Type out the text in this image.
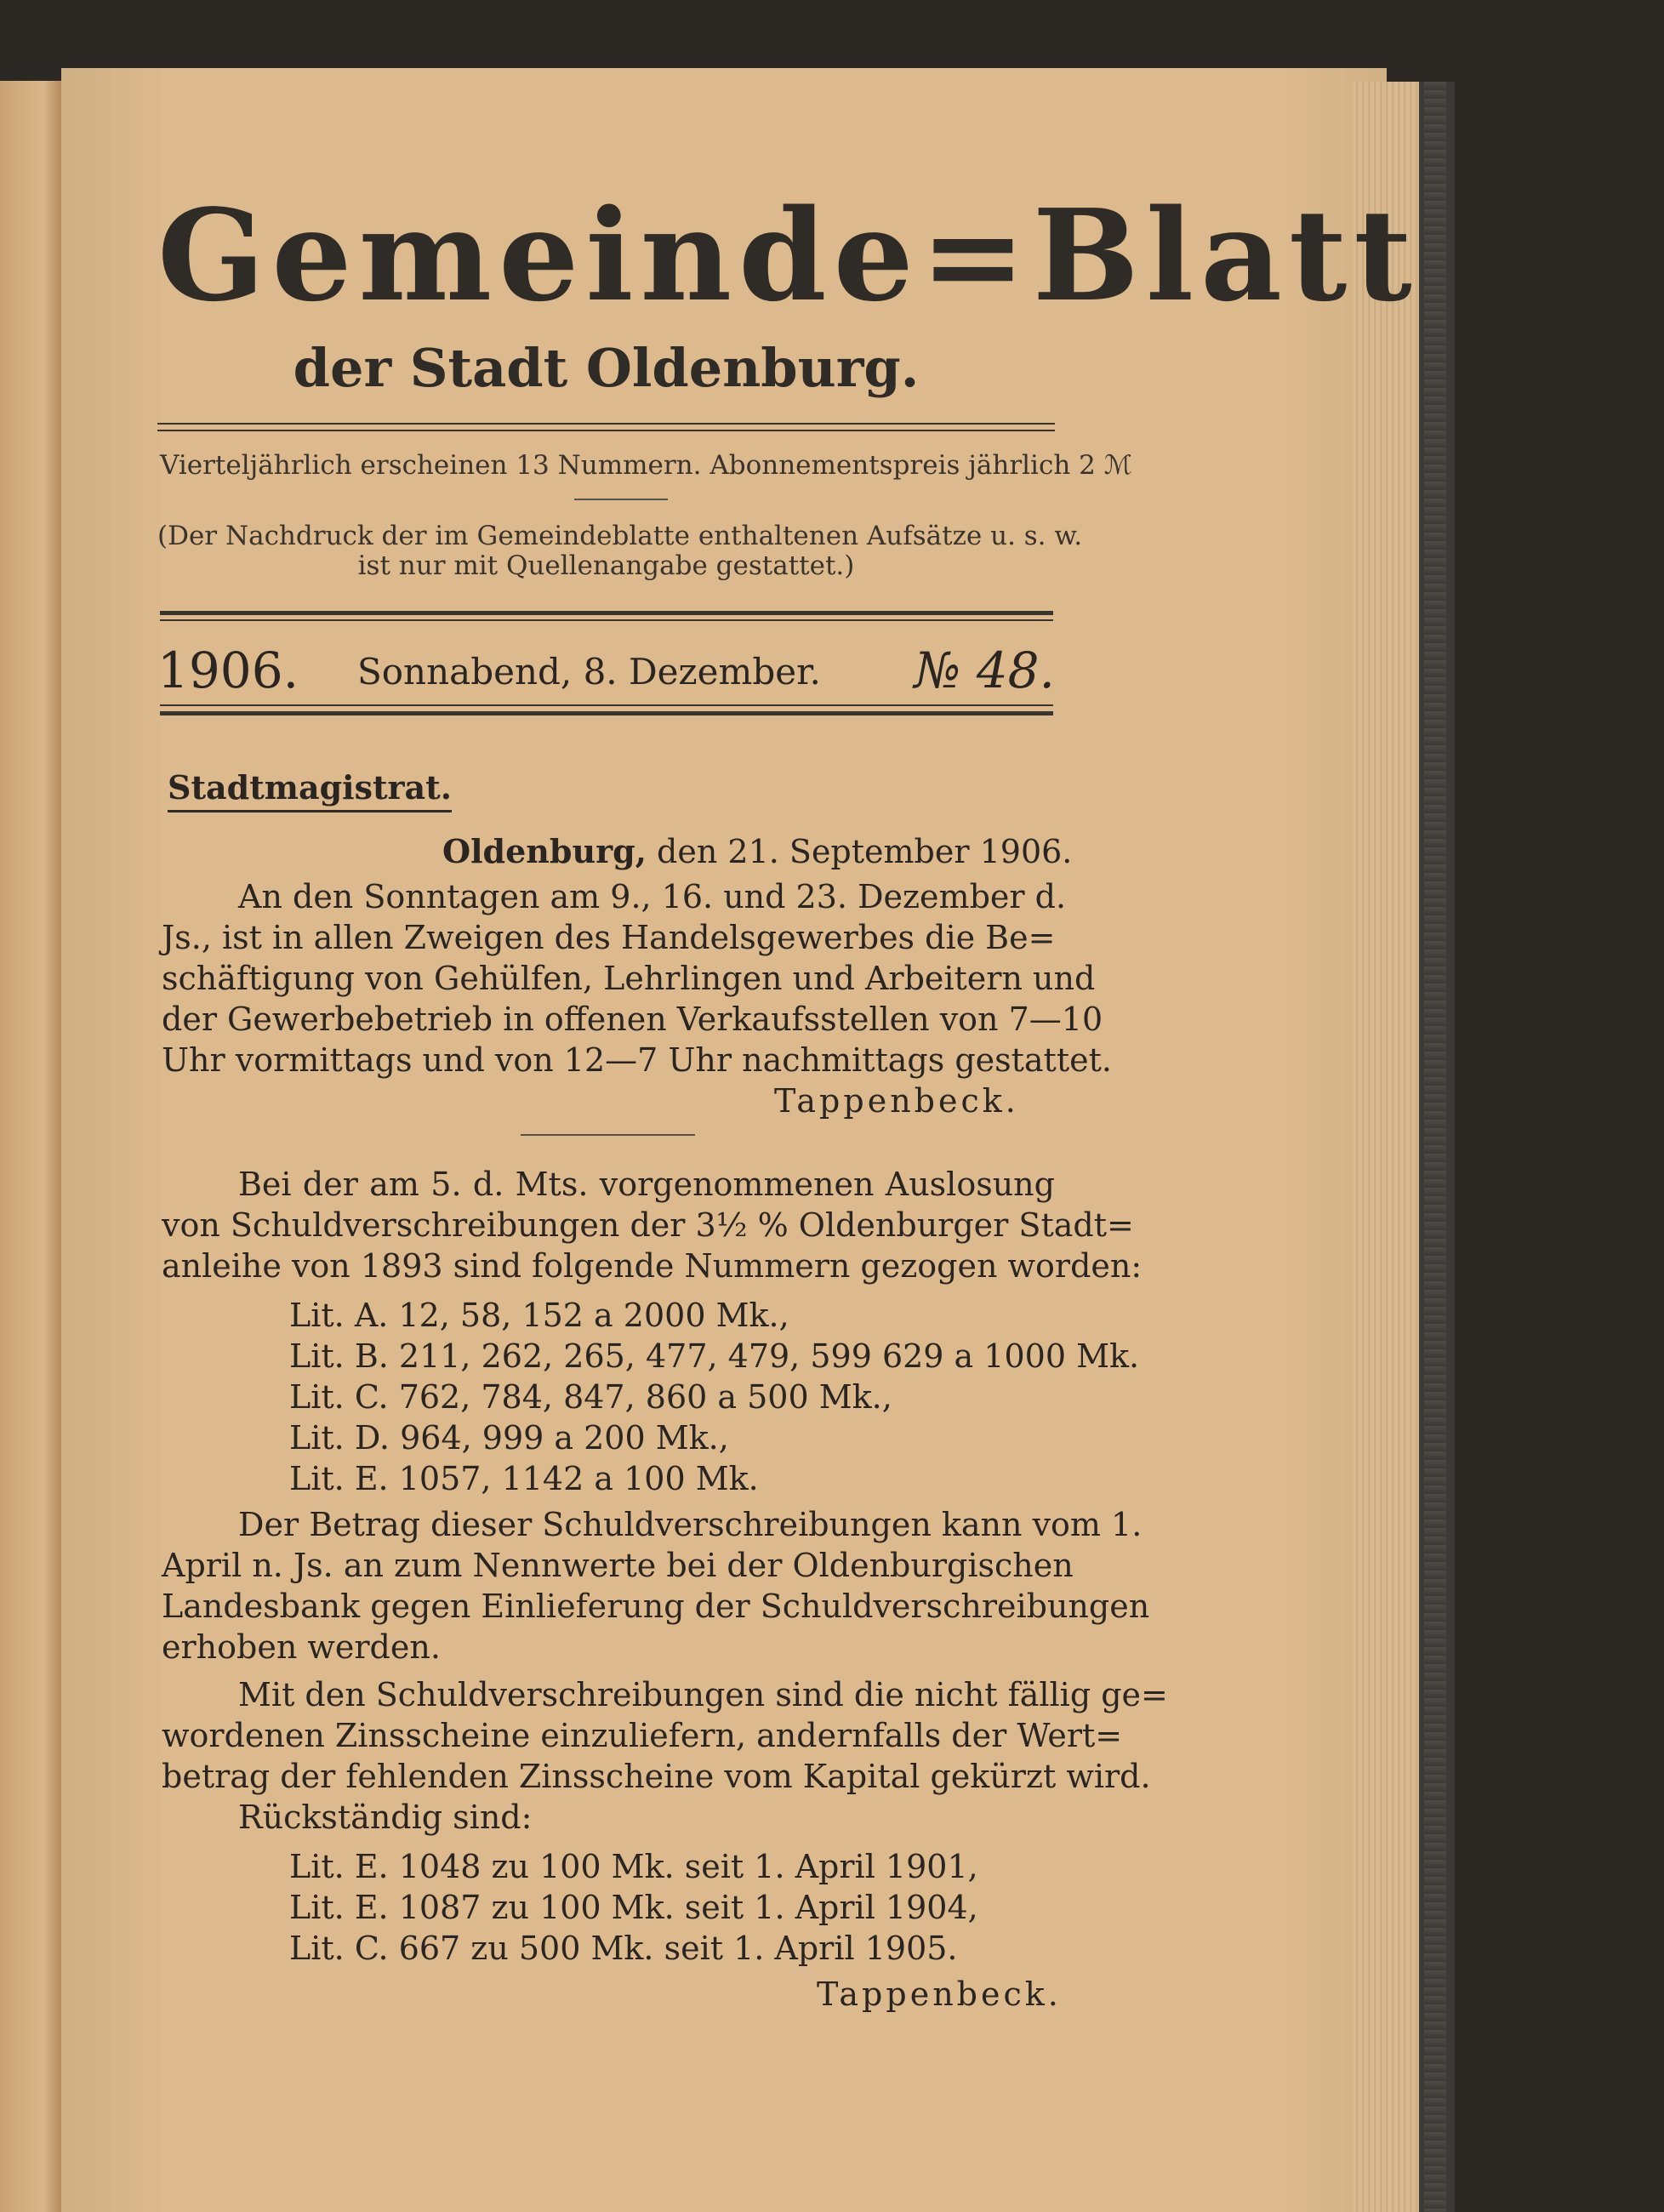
Gemeinde=Blatt
der Stadt Oldenburg.
Vierteljährlich erscheinen 13 Nummern. Abonnementspreis jährlich 2 ℳ
(Der Nachdruck der im Gemeindeblatte enthaltenen Aufsätze u. s. w.
ist nur mit Quellenangabe gestattet.)
1906. Sonnabend, 8. Dezember. № 48.
Stadtmagistrat.
Oldenburg, den 21. September 1906.
An den Sonntagen am 9., 16. und 23. Dezember d.
Js., ist in allen Zweigen des Handelsgewerbes die Be=
schäftigung von Gehülfen, Lehrlingen und Arbeitern und
der Gewerbebetrieb in offenen Verkaufsstellen von 7—10
Uhr vormittags und von 12—7 Uhr nachmittags gestattet.
Tappenbeck.
Bei der am 5. d. Mts. vorgenommenen Auslosung
von Schuldverschreibungen der 3½ % Oldenburger Stadt=
anleihe von 1893 sind folgende Nummern gezogen worden:
Lit. A. 12, 58, 152 a 2000 Mk.,
Lit. B. 211, 262, 265, 477, 479, 599 629 a 1000 Mk.
Lit. C. 762, 784, 847, 860 a 500 Mk.,
Lit. D. 964, 999 a 200 Mk.,
Lit. E. 1057, 1142 a 100 Mk.
Der Betrag dieser Schuldverschreibungen kann vom 1.
April n. Js. an zum Nennwerte bei der Oldenburgischen
Landesbank gegen Einlieferung der Schuldverschreibungen
erhoben werden.
Mit den Schuldverschreibungen sind die nicht fällig ge=
wordenen Zinsscheine einzuliefern, andernfalls der Wert=
betrag der fehlenden Zinsscheine vom Kapital gekürzt wird.
Rückständig sind:
Lit. E. 1048 zu 100 Mk. seit 1. April 1901,
Lit. E. 1087 zu 100 Mk. seit 1. April 1904,
Lit. C. 667 zu 500 Mk. seit 1. April 1905.
Tappenbeck.
